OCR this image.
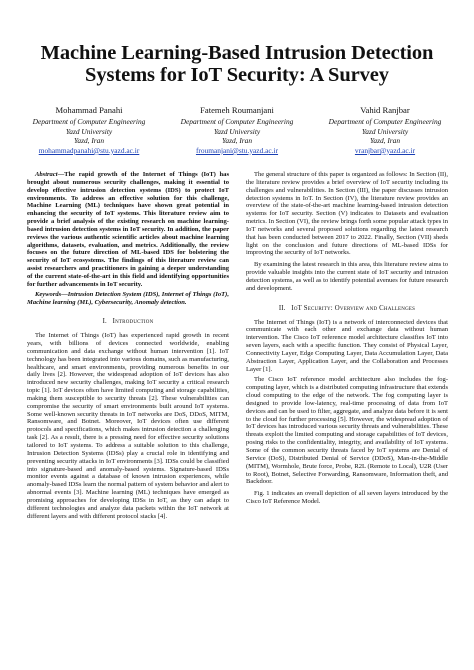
Machine Learning-Based Intrusion Detection
Systems for IoT Security: A Survey
Mohammad Panahi
Department of Computer Engineering
Yazd University
Yazd, Iran
mohammadpanahi@stu.yazd.ac.ir
Fatemeh Roumanjani
Department of Computer Engineering
Yazd University
Yazd, Iran
froumanjani@stu.yazd.ac.ir
Vahid Ranjbar
Department of Computer Engineering
Yazd University
Yazd, Iran
vranjbar@yazd.ac.ir

Abstract—The rapid growth of the Internet of Things (IoT) has brought about numerous security challenges, making it essential to develop effective intrusion detection systems (IDS) to protect IoT environments. To address an effective solution for this challenge, Machine Learning (ML) techniques have shown great potential in enhancing the security of IoT systems. This literature review aim to provide a brief analysis of the existing research on machine learning-based intrusion detection systems in IoT security. In addition, the paper reviews the various authentic scientific articles about machine learning algorithms, datasets, evaluation, and metrics. Additionally, the review focuses on the future direction of ML-based IDS for bolstering the security of IoT ecosystems. The findings of this literature review can assist researchers and practitioners in gaining a deeper understanding of the current state-of-the-art in this field and identifying opportunities for further advancements in IoT security.

Keywords—Intrusion Detection System (IDS), Internet of Things (IoT), Machine learning (ML), Cybersecurity, Anomaly detection.

I. Introduction

The Internet of Things (IoT) has experienced rapid growth in recent years, with billions of devices connected worldwide, enabling communication and data exchange without human intervention [1]. IoT technology has been integrated into various domains, such as manufacturing, healthcare, and smart environments, providing numerous benefits in our daily lives [2]. However, the widespread adoption of IoT devices has also introduced new security challenges, making IoT security a critical research topic [1]. IoT devices often have limited computing and storage capabilities, making them susceptible to security threats [2]. These vulnerabilities can compromise the security of smart environments built around IoT systems. Some well-known security threats in IoT networks are DoS, DDoS, MITM, Ransomware, and Botnet. Moreover, IoT devices often use different protocols and specifications, which makes intrusion detection a challenging task [2]. As a result, there is a pressing need for effective security solutions tailored to IoT systems. To address a suitable solution to this challenge, Intrusion Detection Systems (IDSs) play a crucial role in identifying and preventing security attacks in IoT environments [3]. IDSs could be classified into signature-based and anomaly-based systems. Signature-based IDSs monitor events against a database of known intrusion experiences, while anomaly-based IDSs learn the normal pattern of system behavior and alert to abnormal events [3]. Machine learning (ML) techniques have emerged as promising approaches for developing IDSs in IoT, as they can adapt to different technologies and analyze data packets within the IoT network at different layers and with different protocol stacks [4].

The general structure of this paper is organized as follows: In Section (II), the literature review provides a brief overview of IoT security including its challenges and vulnerabilities. In Section (III), the paper discusses intrusion detection systems in IoT. In Section (IV), the literature review provides an overview of the state-of-the-art machine learning-based intrusion detection systems for IoT security. Section (V) indicates to Datasets and evaluation metrics. In Section (VI), the review brings forth some popular attack types in IoT networks and several proposed solutions regarding the latest research that has been conducted between 2017 to 2022. Finally, Section (VII) sheds light on the conclusion and future directions of ML-based IDSs for improving the security of IoT networks.

By examining the latest research in this area, this literature review aims to provide valuable insights into the current state of IoT security and intrusion detection systems, as well as to identify potential avenues for future research and development.

II. IoT Security: Overview and Challenges

The Internet of Things (IoT) is a network of interconnected devices that communicate with each other and exchange data without human intervention. The Cisco IoT reference model architecture classifies IoT into seven layers, each with a specific function. They consist of Physical Layer, Connectivity Layer, Edge Computing Layer, Data Accumulation Layer, Data Abstraction Layer, Application Layer, and the Collaboration and Processes Layer [1].

The Cisco IoT reference model architecture also includes the fog-computing layer, which is a distributed computing infrastructure that extends cloud computing to the edge of the network. The fog computing layer is designed to provide low-latency, real-time processing of data from IoT devices and can be used to filter, aggregate, and analyze data before it is sent to the cloud for further processing [5]. However, the widespread adoption of IoT devices has introduced various security threats and vulnerabilities. These threats exploit the limited computing and storage capabilities of IoT devices, posing risks to the confidentiality, integrity, and availability of IoT systems. Some of the common security threats faced by IoT systems are Denial of Service (DoS), Distributed Denial of Service (DDoS), Man-in-the-Middle (MITM), Wormhole, Brute force, Probe, R2L (Remote to Local), U2R (User to Root), Botnet, Selective Forwarding, Ransomware, Information theft, and Backdoor.

Fig. 1 indicates an overall depiction of all seven layers introduced by the Cisco IoT Reference Model.
